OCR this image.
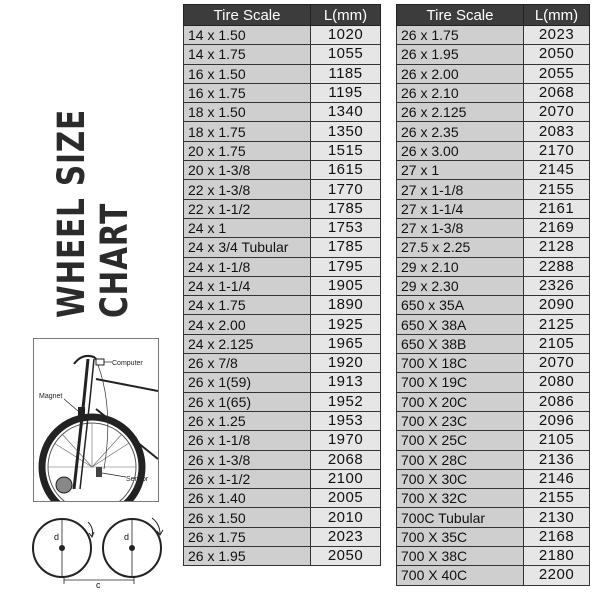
WHEEL SIZE CHART
Tire Scale	L(mm)
14 x 1.50	1020
14 x 1.75	1055
16 x 1.50	1185
16 x 1.75	1195
18 x 1.50	1340
18 x 1.75	1350
20 x 1.75	1515
20 x 1-3/8	1615
22 x 1-3/8	1770
22 x 1-1/2	1785
24 x 1	1753
24 x 3/4 Tubular	1785
24 x 1-1/8	1795
24 x 1-1/4	1905
24 x 1.75	1890
24 x 2.00	1925
24 x 2.125	1965
26 x 7/8	1920
26 x 1(59)	1913
26 x 1(65)	1952
26 x 1.25	1953
26 x 1-1/8	1970
26 x 1-3/8	2068
26 x 1-1/2	2100
26 x 1.40	2005
26 x 1.50	2010
26 x 1.75	2023
26 x 1.95	2050
Tire Scale	L(mm)
26 x 1.75	2023
26 x 1.95	2050
26 x 2.00	2055
26 x 2.10	2068
26 x 2.125	2070
26 x 2.35	2083
26 x 3.00	2170
27 x 1	2145
27 x 1-1/8	2155
27 x 1-1/4	2161
27 x 1-3/8	2169
27.5 x 2.25	2128
29 x 2.10	2288
29 x 2.30	2326
650 x 35A	2090
650 X 38A	2125
650 X 38B	2105
700 X 18C	2070
700 X 19C	2080
700 X 20C	2086
700 X 23C	2096
700 X 25C	2105
700 X 28C	2136
700 X 30C	2146
700 X 32C	2155
700C Tubular	2130
700 X 35C	2168
700 X 38C	2180
700 X 40C	2200
Computer
Magnet
Sensor
d	d
c
